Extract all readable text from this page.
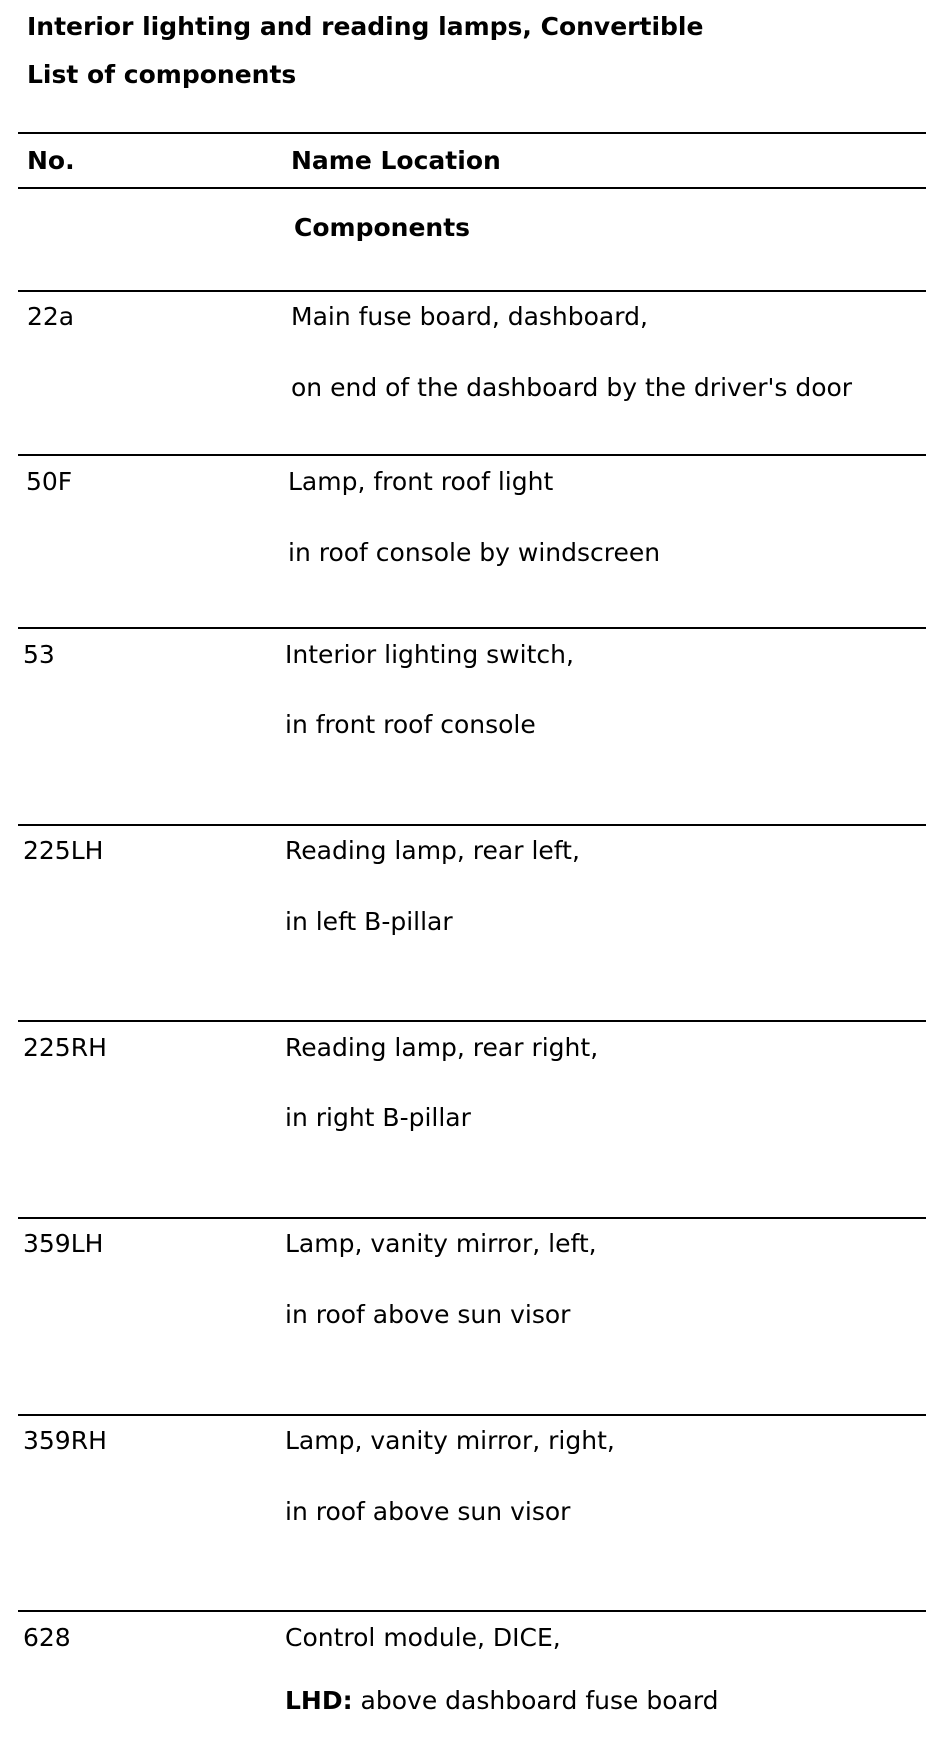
Interior lighting and reading lamps, Convertible
List of components
No.	Name Location
Components
22a	Main fuse board, dashboard,
on end of the dashboard by the driver's door
50F	Lamp, front roof light
in roof console by windscreen
53	Interior lighting switch,
in front roof console
225LH	Reading lamp, rear left,
in left B-pillar
225RH	Reading lamp, rear right,
in right B-pillar
359LH	Lamp, vanity mirror, left,
in roof above sun visor
359RH	Lamp, vanity mirror, right,
in roof above sun visor
628	Control module, DICE,
LHD: above dashboard fuse board
